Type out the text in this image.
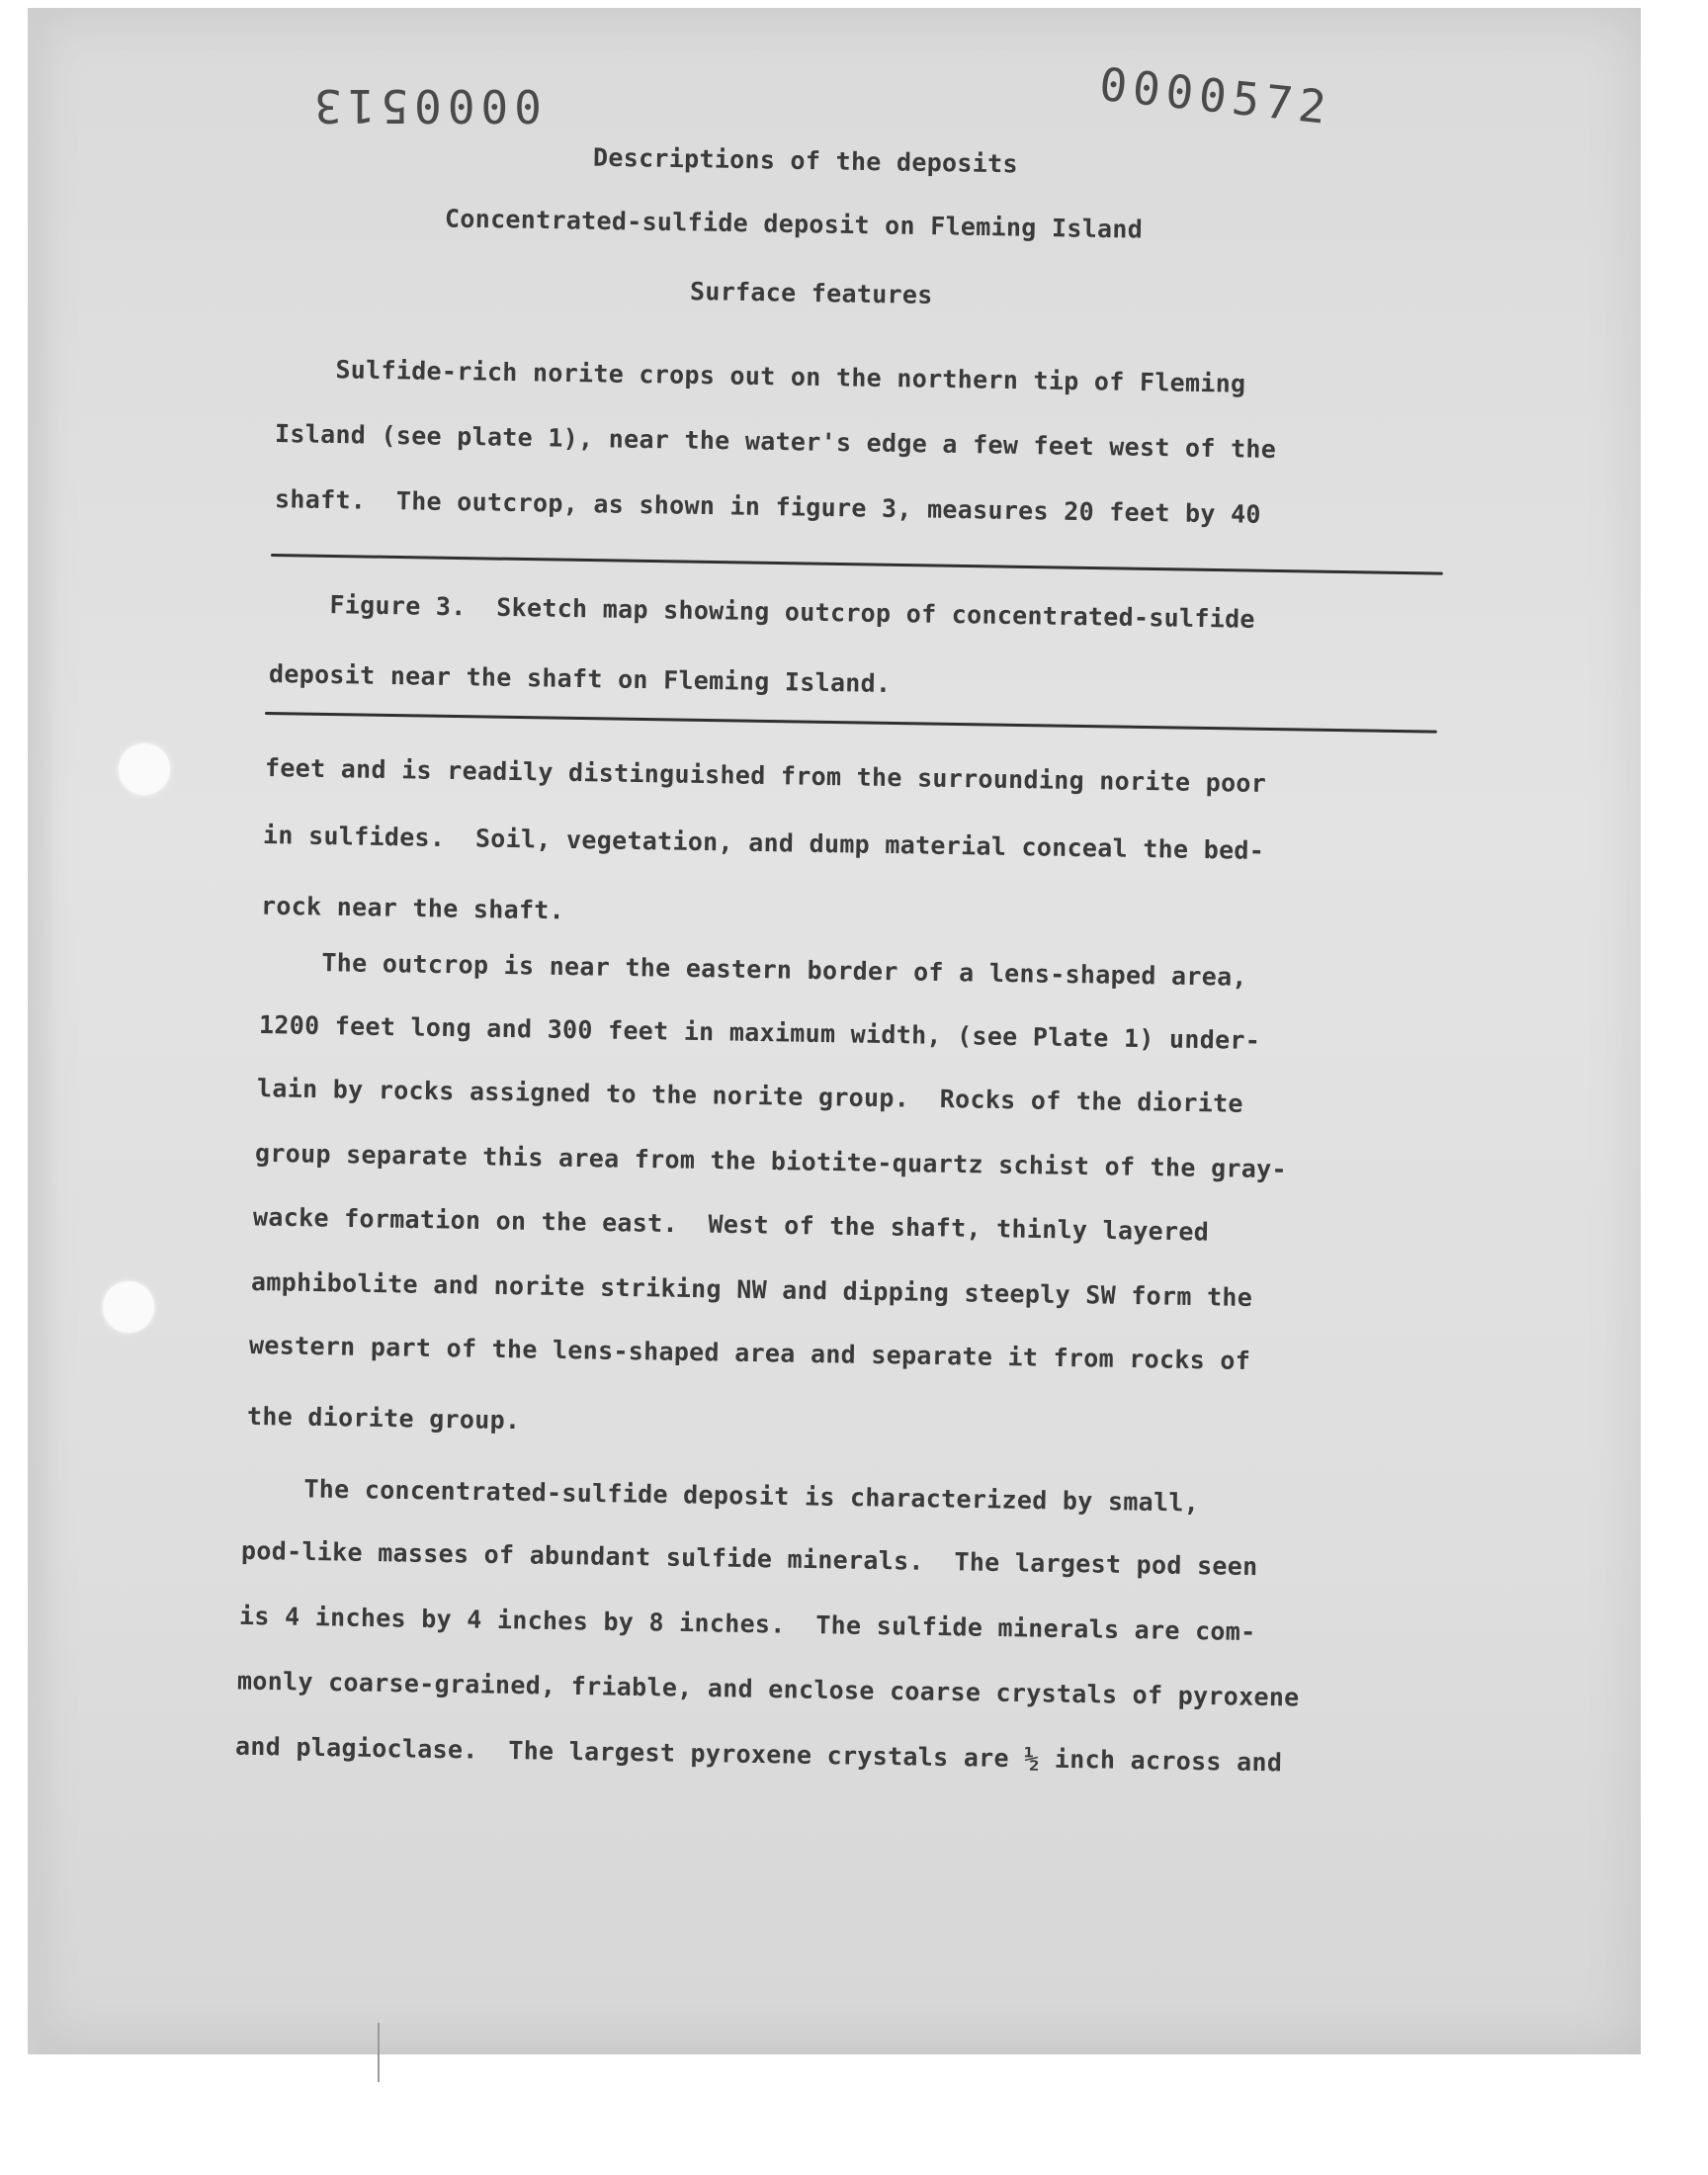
0000513	0000572
Descriptions of the deposits
Concentrated-sulfide deposit on Fleming Island
Surface features
Sulfide-rich norite crops out on the northern tip of Fleming
Island (see plate 1), near the water's edge a few feet west of the
shaft.  The outcrop, as shown in figure 3, measures 20 feet by 40
Figure 3.  Sketch map showing outcrop of concentrated-sulfide
deposit near the shaft on Fleming Island.
feet and is readily distinguished from the surrounding norite poor
in sulfides.  Soil, vegetation, and dump material conceal the bed-
rock near the shaft.
The outcrop is near the eastern border of a lens-shaped area,
1200 feet long and 300 feet in maximum width, (see Plate 1) under-
lain by rocks assigned to the norite group.  Rocks of the diorite
group separate this area from the biotite-quartz schist of the gray-
wacke formation on the east.  West of the shaft, thinly layered
amphibolite and norite striking NW and dipping steeply SW form the
western part of the lens-shaped area and separate it from rocks of
the diorite group.
The concentrated-sulfide deposit is characterized by small,
pod-like masses of abundant sulfide minerals.  The largest pod seen
is 4 inches by 4 inches by 8 inches.  The sulfide minerals are com-
monly coarse-grained, friable, and enclose coarse crystals of pyroxene
and plagioclase.  The largest pyroxene crystals are ½ inch across and
